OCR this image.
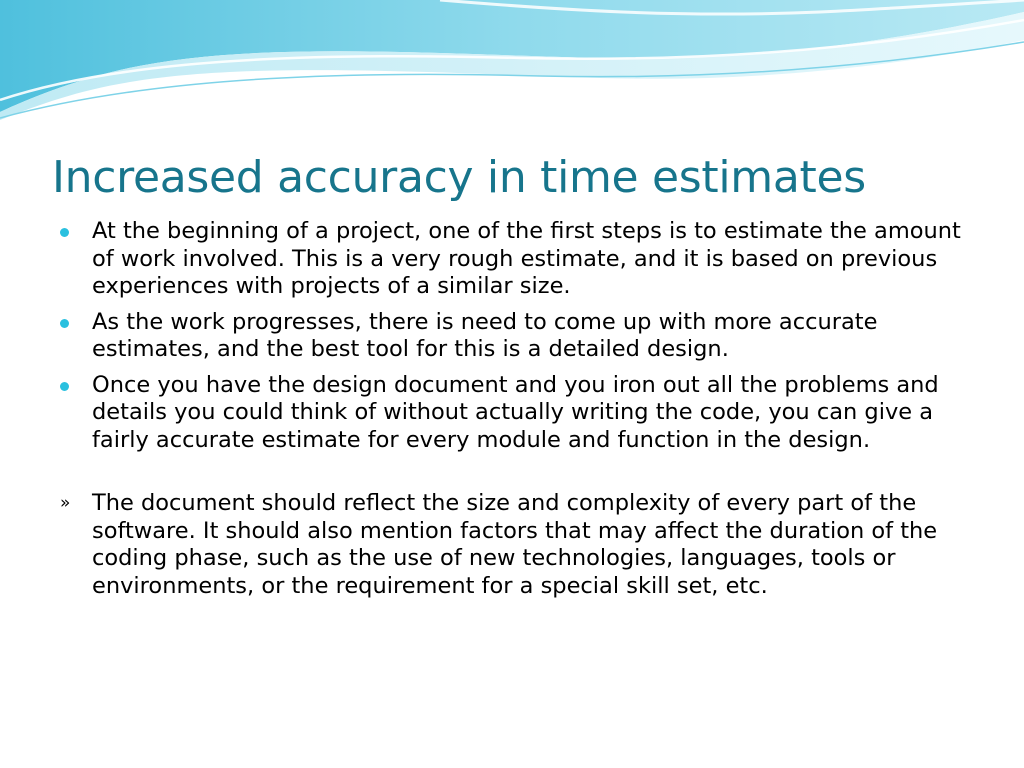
Increased accuracy in time estimates
At the beginning of a project, one of the first steps is to estimate the amount of work involved. This is a very rough estimate, and it is based on previous experiences with projects of a similar size.
As the work progresses, there is need to come up with more accurate estimates, and the best tool for this is a detailed design.
Once you have the design document and you iron out all the problems and details you could think of without actually writing the code, you can give a fairly accurate estimate for every module and function in the design.
» The document should reflect the size and complexity of every part of the software. It should also mention factors that may affect the duration of the coding phase, such as the use of new technologies, languages, tools or environments, or the requirement for a special skill set, etc.
